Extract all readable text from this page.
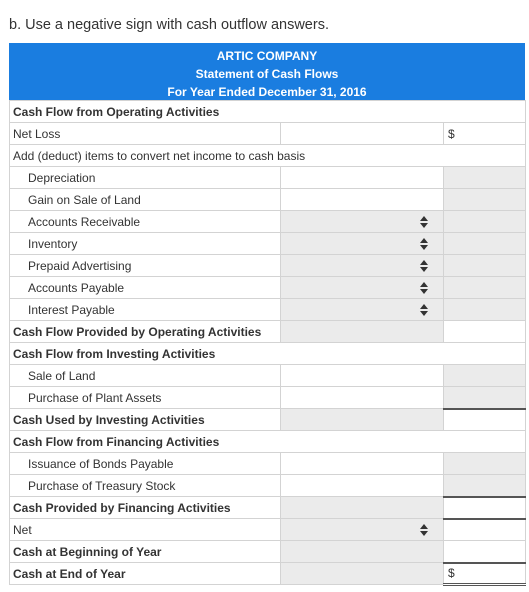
b. Use a negative sign with cash outflow answers.
ARTIC COMPANY
Statement of Cash Flows
For Year Ended December 31, 2016
Cash Flow from Operating Activities		
Net Loss		$
Add (deduct) items to convert net income to cash basis		
Depreciation		
Gain on Sale of Land		
Accounts Receivable	

Inventory	

Prepaid Advertising	

Accounts Payable	

Interest Payable	

Cash Flow Provided by Operating Activities		
Cash Flow from Investing Activities		
Sale of Land		
Purchase of Plant Assets		
Cash Used by Investing Activities		
Cash Flow from Financing Activities		
Issuance of Bonds Payable		
Purchase of Treasury Stock		
Cash Provided by Financing Activities		
Net	

Cash at Beginning of Year		
Cash at End of Year		$
